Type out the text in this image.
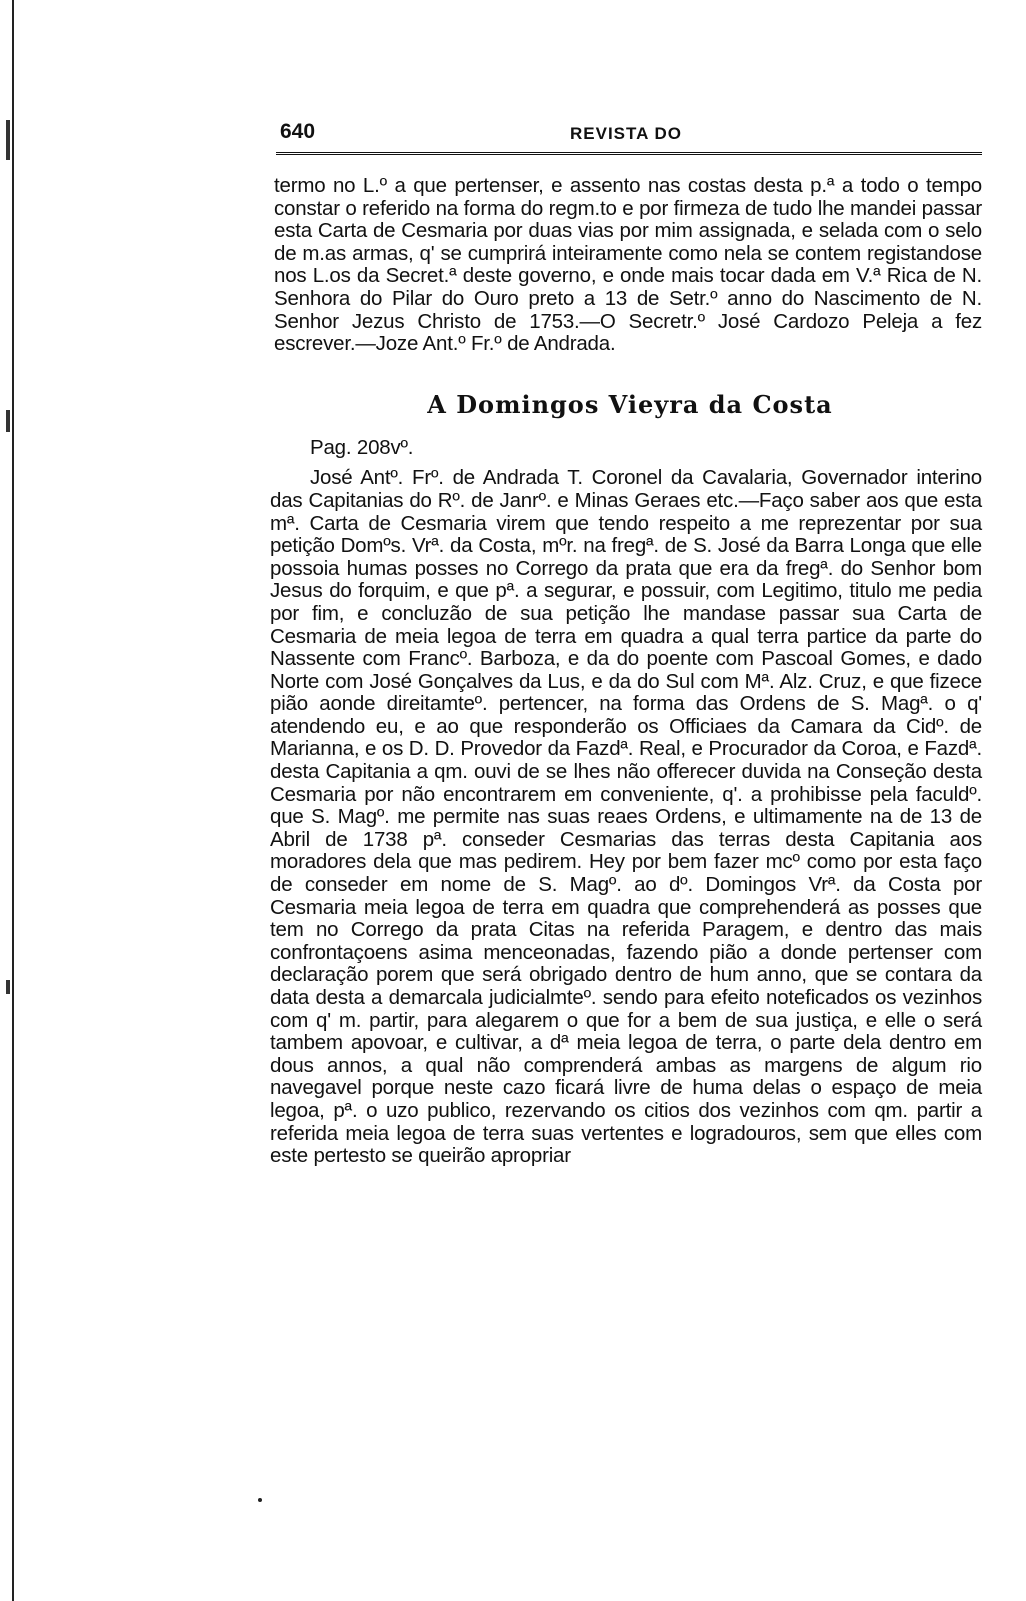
640	REVISTA DO

termo no L.º a que pertenser, e assento nas costas desta p.ª a todo o tempo constar o referido na forma do regm.to e por firmeza de tudo lhe mandei passar esta Carta de Cesmaria por duas vias por mim assignada, e selada com o selo de m.as armas, q' se cumprirá inteiramente como nela se contem registandose nos L.os da Secret.ª deste governo, e onde mais tocar dada em V.ª Rica de N. Senhora do Pilar do Ouro preto a 13 de Setr.º anno do Nascimento de N. Senhor Jezus Christo de 1753.—O Secretr.º José Cardozo Peleja a fez escrever.—Joze Ant.º Fr.º de Andrada.

A Domingos Vieyra da Costa
Pag. 208vº.

José Antº. Frº. de Andrada T. Coronel da Cavalaria, Governador interino das Capitanias do Rº. de Janrº. e Minas Geraes etc.—Faço saber aos que esta mª. Carta de Cesmaria virem que tendo respeito a me reprezentar por sua petição Domºs. Vrª. da Costa, mºr. na fregª. de S. José da Barra Longa que elle possoia humas posses no Corrego da prata que era da fregª. do Senhor bom Jesus do forquim, e que pª. a segurar, e possuir, com Legitimo, titulo me pedia por fim, e concluzão de sua petição lhe mandase passar sua Carta de Cesmaria de meia legoa de terra em quadra a qual terra partice da parte do Nassente com Francº. Barboza, e da do poente com Pascoal Gomes, e dado Norte com José Gonçalves da Lus, e da do Sul com Mª. Alz. Cruz, e que fizece pião aonde direitamteº. pertencer, na forma das Ordens de S. Magª. o q' atendendo eu, e ao que responderão os Officiaes da Camara da Cidº. de Marianna, e os D. D. Provedor da Fazdª. Real, e Procurador da Coroa, e Fazdª. desta Capitania a qm. ouvi de se lhes não offerecer duvida na Conseção desta Cesmaria por não encontrarem em conveniente, q'. a prohibisse pela faculdº. que S. Magº. me permite nas suas reaes Ordens, e ultimamente na de 13 de Abril de 1738 pª. conseder Cesmarias das terras desta Capitania aos moradores dela que mas pedirem. Hey por bem fazer mcº como por esta faço de conseder em nome de S. Magº. ao dº. Domingos Vrª. da Costa por Cesmaria meia legoa de terra em quadra que comprehenderá as posses que tem no Corrego da prata Citas na referida Paragem, e dentro das mais confrontaçoens asima menceonadas, fazendo pião a donde pertenser com declaração porem que será obrigado dentro de hum anno, que se contara da data desta a demarcala judicialmteº. sendo para efeito noteficados os vezinhos com q' m. partir, para alegarem o que for a bem de sua justiça, e elle o será tambem apovoar, e cultivar, a dª meia legoa de terra, o parte dela dentro em dous annos, a qual não comprenderá ambas as margens de algum rio navegavel porque neste cazo ficará livre de huma delas o espaço de meia legoa, pª. o uzo publico, rezervando os citios dos vezinhos com qm. partir a referida meia legoa de terra suas vertentes e logradouros, sem que elles com este pertesto se queirão apropriar
